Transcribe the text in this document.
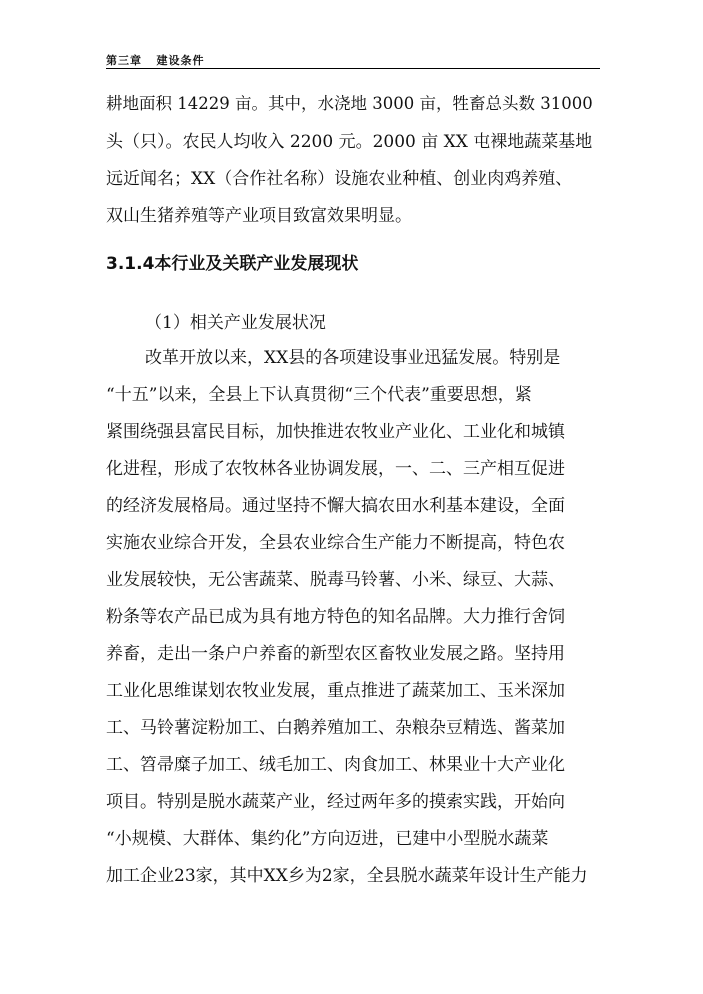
第三章 建设条件
耕地面积 14229 亩。其中，水浇地 3000 亩，牲畜总头数 31000
头（只）。农民人均收入 2200 元。2000 亩 XX 屯裸地蔬菜基地
远近闻名；XX（合作社名称）设施农业种植、创业肉鸡养殖、
双山生猪养殖等产业项目致富效果明显。
3.1.4本行业及关联产业发展现状
（1）相关产业发展状况
改革开放以来，XX县的各项建设事业迅猛发展。特别是
“十五”以来，全县上下认真贯彻“三个代表”重要思想，紧
紧围绕强县富民目标，加快推进农牧业产业化、工业化和城镇
化进程，形成了农牧林各业协调发展，一、二、三产相互促进
的经济发展格局。通过坚持不懈大搞农田水利基本建设，全面
实施农业综合开发，全县农业综合生产能力不断提高，特色农
业发展较快，无公害蔬菜、脱毒马铃薯、小米、绿豆、大蒜、
粉条等农产品已成为具有地方特色的知名品牌。大力推行舍饲
养畜，走出一条户户养畜的新型农区畜牧业发展之路。坚持用
工业化思维谋划农牧业发展，重点推进了蔬菜加工、玉米深加
工、马铃薯淀粉加工、白鹅养殖加工、杂粮杂豆精选、酱菜加
工、笤帚糜子加工、绒毛加工、肉食加工、林果业十大产业化
项目。特别是脱水蔬菜产业，经过两年多的摸索实践，开始向
“小规模、大群体、集约化”方向迈进，已建中小型脱水蔬菜
加工企业23家，其中XX乡为2家，全县脱水蔬菜年设计生产能力
